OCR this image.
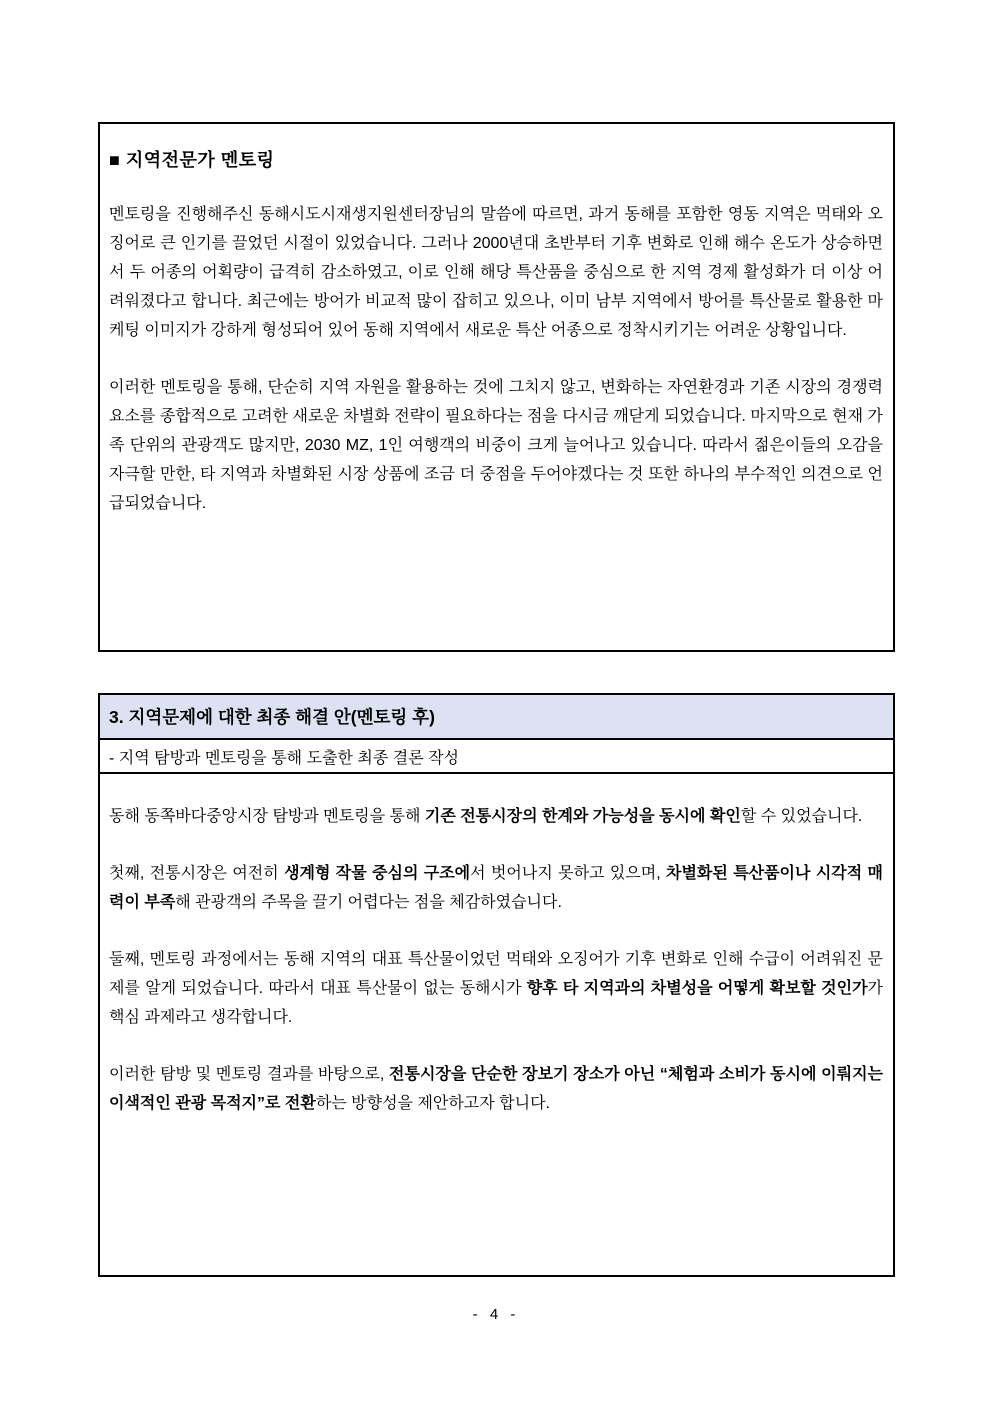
■ 지역전문가 멘토링

멘토링을 진행해주신 동해시도시재생지원센터장님의 말씀에 따르면, 과거 동해를 포함한 영동 지역은 먹태와 오징어로 큰 인기를 끌었던 시절이 있었습니다. 그러나 2000년대 초반부터 기후 변화로 인해 해수 온도가 상승하면서 두 어종의 어획량이 급격히 감소하였고, 이로 인해 해당 특산품을 중심으로 한 지역 경제 활성화가 더 이상 어려워졌다고 합니다. 최근에는 방어가 비교적 많이 잡히고 있으나, 이미 남부 지역에서 방어를 특산물로 활용한 마케팅 이미지가 강하게 형성되어 있어 동해 지역에서 새로운 특산 어종으로 정착시키기는 어려운 상황입니다.

이러한 멘토링을 통해, 단순히 지역 자원을 활용하는 것에 그치지 않고, 변화하는 자연환경과 기존 시장의 경쟁력 요소를 종합적으로 고려한 새로운 차별화 전략이 필요하다는 점을 다시금 깨닫게 되었습니다. 마지막으로 현재 가족 단위의 관광객도 많지만, 2030 MZ, 1인 여행객의 비중이 크게 늘어나고 있습니다. 따라서 젊은이들의 오감을 자극할 만한, 타 지역과 차별화된 시장 상품에 조금 더 중점을 두어야겠다는 것 또한 하나의 부수적인 의견으로 언급되었습니다.

3. 지역문제에 대한 최종 해결 안(멘토링 후)
- 지역 탐방과 멘토링을 통해 도출한 최종 결론 작성

동해 동쪽바다중앙시장 탐방과 멘토링을 통해 기존 전통시장의 한계와 가능성을 동시에 확인할 수 있었습니다.

첫째, 전통시장은 여전히 생계형 작물 중심의 구조에서 벗어나지 못하고 있으며, 차별화된 특산품이나 시각적 매력이 부족해 관광객의 주목을 끌기 어렵다는 점을 체감하였습니다.

둘째, 멘토링 과정에서는 동해 지역의 대표 특산물이었던 먹태와 오징어가 기후 변화로 인해 수급이 어려워진 문제를 알게 되었습니다. 따라서 대표 특산물이 없는 동해시가 향후 타 지역과의 차별성을 어떻게 확보할 것인가가 핵심 과제라고 생각합니다.

이러한 탐방 및 멘토링 결과를 바탕으로, 전통시장을 단순한 장보기 장소가 아닌 “체험과 소비가 동시에 이뤄지는 이색적인 관광 목적지”로 전환하는 방향성을 제안하고자 합니다.

- 4 -
